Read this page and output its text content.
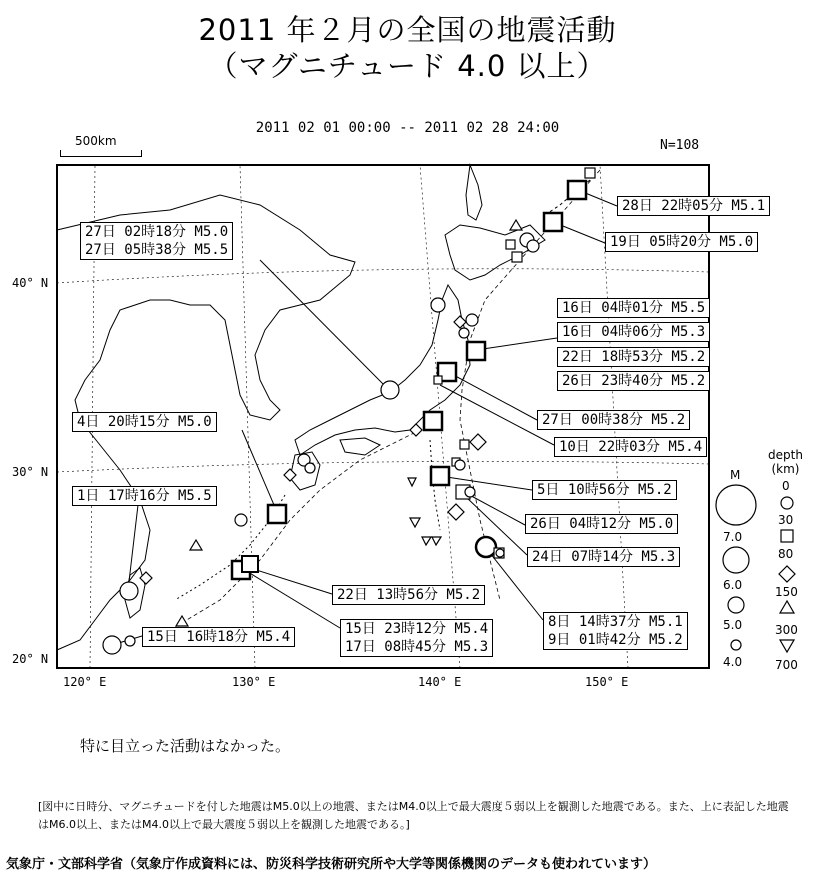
2011 年２月の全国の地震活動
（マグニチュード 4.0 以上）
2011 02 01 00:00 -- 2011 02 28 24:00
N=108
500km
40° N
30° N
20° N
120° E	130° E	140° E	150° E
depth
(km)
M
7.0
6.0
5.0
4.0
0
30
80
150
300
700
28日 22時05分 M5.1
19日 05時20分 M5.0
27日 02時18分 M5.0
27日 05時38分 M5.5
16日 04時01分 M5.5
16日 04時06分 M5.3
22日 18時53分 M5.2
26日 23時40分 M5.2
4日 20時15分 M5.0	27日 00時38分 M5.2
10日 22時03分 M5.4
1日 17時16分 M5.5	5日 10時56分 M5.2
26日 04時12分 M5.0
24日 07時14分 M5.3
22日 13時56分 M5.2
15日 23時12分 M5.4
17日 08時45分 M5.3
8日 14時37分 M5.1
9日 01時42分 M5.2
15日 16時18分 M5.4
特に目立った活動はなかった。
[図中に日時分、マグニチュードを付した地震はM5.0以上の地震、またはM4.0以上で最大震度５弱以上を観測した地震である。また、上に表記した地震はM6.0以上、またはM4.0以上で最大震度５弱以上を観測した地震である。]
気象庁・文部科学省（気象庁作成資料には、防災科学技術研究所や大学等関係機関のデータも使われています）
